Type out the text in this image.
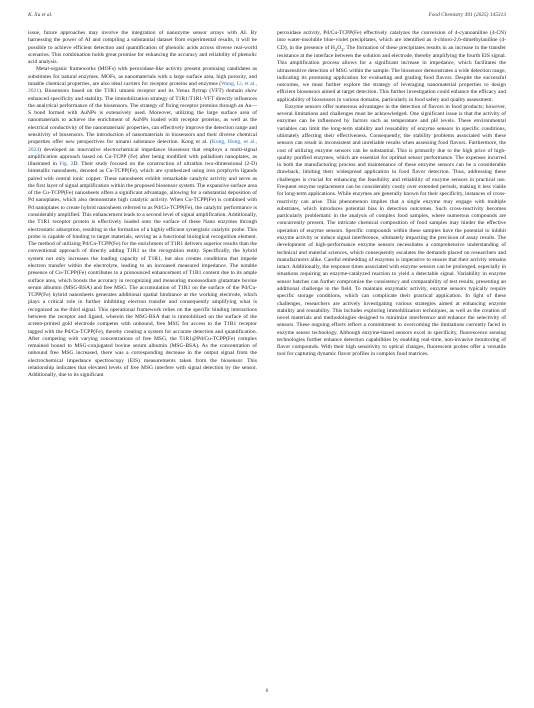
K. Xu et al.	Food Chemistry 491 (2025) 145313

issue, future approaches may involve the integration of nanozyme sensor arrays with AI. By harnessing the power of AI and compiling a substantial dataset from experimental results, it will be possible to achieve efficient detection and quantification of phenolic acids across diverse real-world scenarios. This combination holds great promise for enhancing the accuracy and reliability of phenolic acid analysis.

Metal-organic frameworks (MOFs) with peroxidase-like activity present promising candidates as substitutes for natural enzymes. MOFs, as nanomaterials with a large surface area, high porosity, and tunable chemical properties, are also ideal carriers for receptor proteins and enzymes (Wang, Li, et al., 2021). Biosensors based on the T1R1 umami receptor and its Venus flytrap (VFT) domain show enhanced specificity and stability. The immobilization strategy of T1R1/T1R1-VFT directly influences the analytical performance of the biosensors. The strategy of fixing receptor proteins through an Au—S bond formed with AuNPs is extensively used. Moreover, utilizing the large surface area of nanomaterials to achieve the enrichment of AuNPs loaded with receptor proteins, as well as the electrical conductivity of the nanomaterials' properties, can effectively improve the detection range and sensitivity of biosensors. The introduction of nanomaterials in biosensors and their diverse chemical properties offer new perspectives for umami substance detection. Kong et al. (Kong, Hong, et al., 2024) developed an innovative electrochemical impedance biosensor that employs a multi-signal amplification approach based on Cu-TCPP (Fe) after being modified with palladium nanoplates, as illustrated in Fig. 2D. Their study focused on the construction of ultrathin two-dimensional (2-D) bimetallic nanosheets, denoted as Cu-TCPP(Fe), which are synthesized using iron porphyrin ligands paired with central ionic copper. These nanosheets exhibit remarkable catalytic activity and serve as the first layer of signal amplification within the proposed biosensor system. The expansive surface area of the Cu-TCPP(Fe) nanosheets offers a significant advantage, allowing for a substantial deposition of Pd nanoplates, which also demonstrate high catalytic activity. When Cu-TCPP(Fe) is combined with Pd nanoplates to create hybrid nanosheets referred to as Pd/Cu-TCPP(Fe), the catalytic performance is considerably amplified. This enhancement leads to a second level of signal amplification. Additionally, the T1R1 receptor protein is effectively loaded onto the surface of these Nano enzymes through electrostatic adsorption, resulting in the formation of a highly efficient synergistic catalytic probe. This probe is capable of binding to target materials, serving as a functional biological recognition element. The method of utilizing Pd/Cu-TCPP(Fe) for the enrichment of T1R1 delivers superior results than the conventional approach of directly adding T1R1 as the recognition entity. Specifically, the hybrid system not only increases the loading capacity of T1R1, but also creates conditions that impede electron transfer within the electrolyte, leading to an increased measured impedance. The notable presence of Cu-TCPP(Fe) contributes to a pronounced enhancement of T1R1 content due to its ample surface area, which boosts the accuracy in recognizing and measuring monosodium glutamate bovine serum albumin (MSG-BSA) and free MSG. The accumulation of T1R1 on the surface of the Pd/Cu-TCPP(Fe) hybrid nanosheets generates additional spatial hindrance at the working electrode, which plays a critical role in further inhibiting electron transfer and consequently amplifying what is recognized as the third signal. This operational framework relies on the specific binding interactions between the receptor and ligand, wherein the MSG-BSA that is immobilized on the surface of the screen-printed gold electrode competes with unbound, free MSG for access to the T1R1 receptor tagged with the Pd/Cu-TCPP(Fe), thereby creating a system for accurate detection and quantification. After competing with varying concentrations of free MSG, the T1R1@Pd/Cu-TCPP(Fe) complex remained bound to MSG-conjugated bovine serum albumin (MSG-BSA). As the concentration of unbound free MSG increased, there was a corresponding decrease in the output signal from the electrochemical impedance spectroscopy (EIS) measurements taken from the biosensor. This relationship indicates that elevated levels of free MSG interfere with signal detection by the sensor. Additionally, due to its significant

peroxidase activity, Pd/Cu-TCPP(Fe) effectively catalyzes the conversion of 4-cyanoaniline (4-CN) into water-insoluble blue-violet precipitates, which are identified as 4-chloro-2,6-dimethylaniline (4-CD), in the presence of $H_2O_2$. The formation of these precipitates results in an increase in the transfer resistance at the interface between the solution and electrode, thereby amplifying the fourth EIS signal. This amplification process allows for a significant increase in impedance, which facilitates the ultrasensitive detection of MSG within the sample. The biosensor demonstrates a wide detection range, indicating its promising application for evaluating and grading food flavors. Despite the successful outcomes, we must further explore the strategy of leveraging nanomaterial properties to design efficient biosensors aimed at target detection. This further investigation could enhance the efficacy and applicability of biosensors in various domains, particularly in food safety and quality assessment.

Enzyme sensors offer numerous advantages in the detection of flavors in food products; however, several limitations and challenges must be acknowledged. One significant issue is that the activity of enzymes can be influenced by factors such as temperature and pH levels. These environmental variables can limit the long-term stability and reusability of enzyme sensors in specific conditions, ultimately affecting their effectiveness. Consequently, the stability problems associated with these sensors can result in inconsistent and unreliable results when assessing food flavors. Furthermore, the cost of utilizing enzyme sensors can be substantial. This is primarily due to the high price of high-quality purified enzymes, which are essential for optimal sensor performance. The expenses incurred in both the manufacturing process and maintenance of these enzyme sensors can be a considerable drawback, limiting their widespread application in food flavor detection. Thus, addressing these challenges is crucial for enhancing the feasibility and reliability of enzyme sensors in practical use. Frequent enzyme replacement can be considerably costly over extended periods, making it less viable for long-term applications. While enzymes are generally known for their specificity, instances of cross-reactivity can arise. This phenomenon implies that a single enzyme may engage with multiple substrates, which introduces potential bias in detection outcomes. Such cross-reactivity becomes particularly problematic in the analysis of complex food samples, where numerous compounds are concurrently present. The intricate chemical composition of food samples may hinder the effective operation of enzyme sensors. Specific compounds within these samples have the potential to inhibit enzyme activity or induce signal interference, ultimately impacting the precision of assay results. The development of high-performance enzyme sensors necessitates a comprehensive understanding of technical and material sciences, which consequently escalates the demands placed on researchers and manufacturers alike. Careful embedding of enzymes is imperative to ensure that their activity remains intact. Additionally, the response times associated with enzyme sensors can be prolonged, especially in situations requiring an enzyme-catalyzed reaction to yield a detectable signal. Variability in enzyme sensor batches can further compromise the consistency and comparability of test results, presenting an additional challenge in the field. To maintain enzymatic activity, enzyme sensors typically require specific storage conditions, which can complicate their practical application. In light of these challenges, researchers are actively investigating various strategies aimed at enhancing enzyme stability and reusability. This includes exploring immobilization techniques, as well as the creation of novel materials and methodologies designed to minimize interference and enhance the selectivity of sensors. These ongoing efforts reflect a commitment to overcoming the limitations currently faced in enzyme sensor technology. Although enzyme-based sensors excel in specificity, fluorescence sensing technologies further enhance detection capabilities by enabling real-time, non-invasive monitoring of flavor compounds. With their high sensitivity to optical changes, fluorescent probes offer a versatile tool for capturing dynamic flavor profiles in complex food matrices.

6
